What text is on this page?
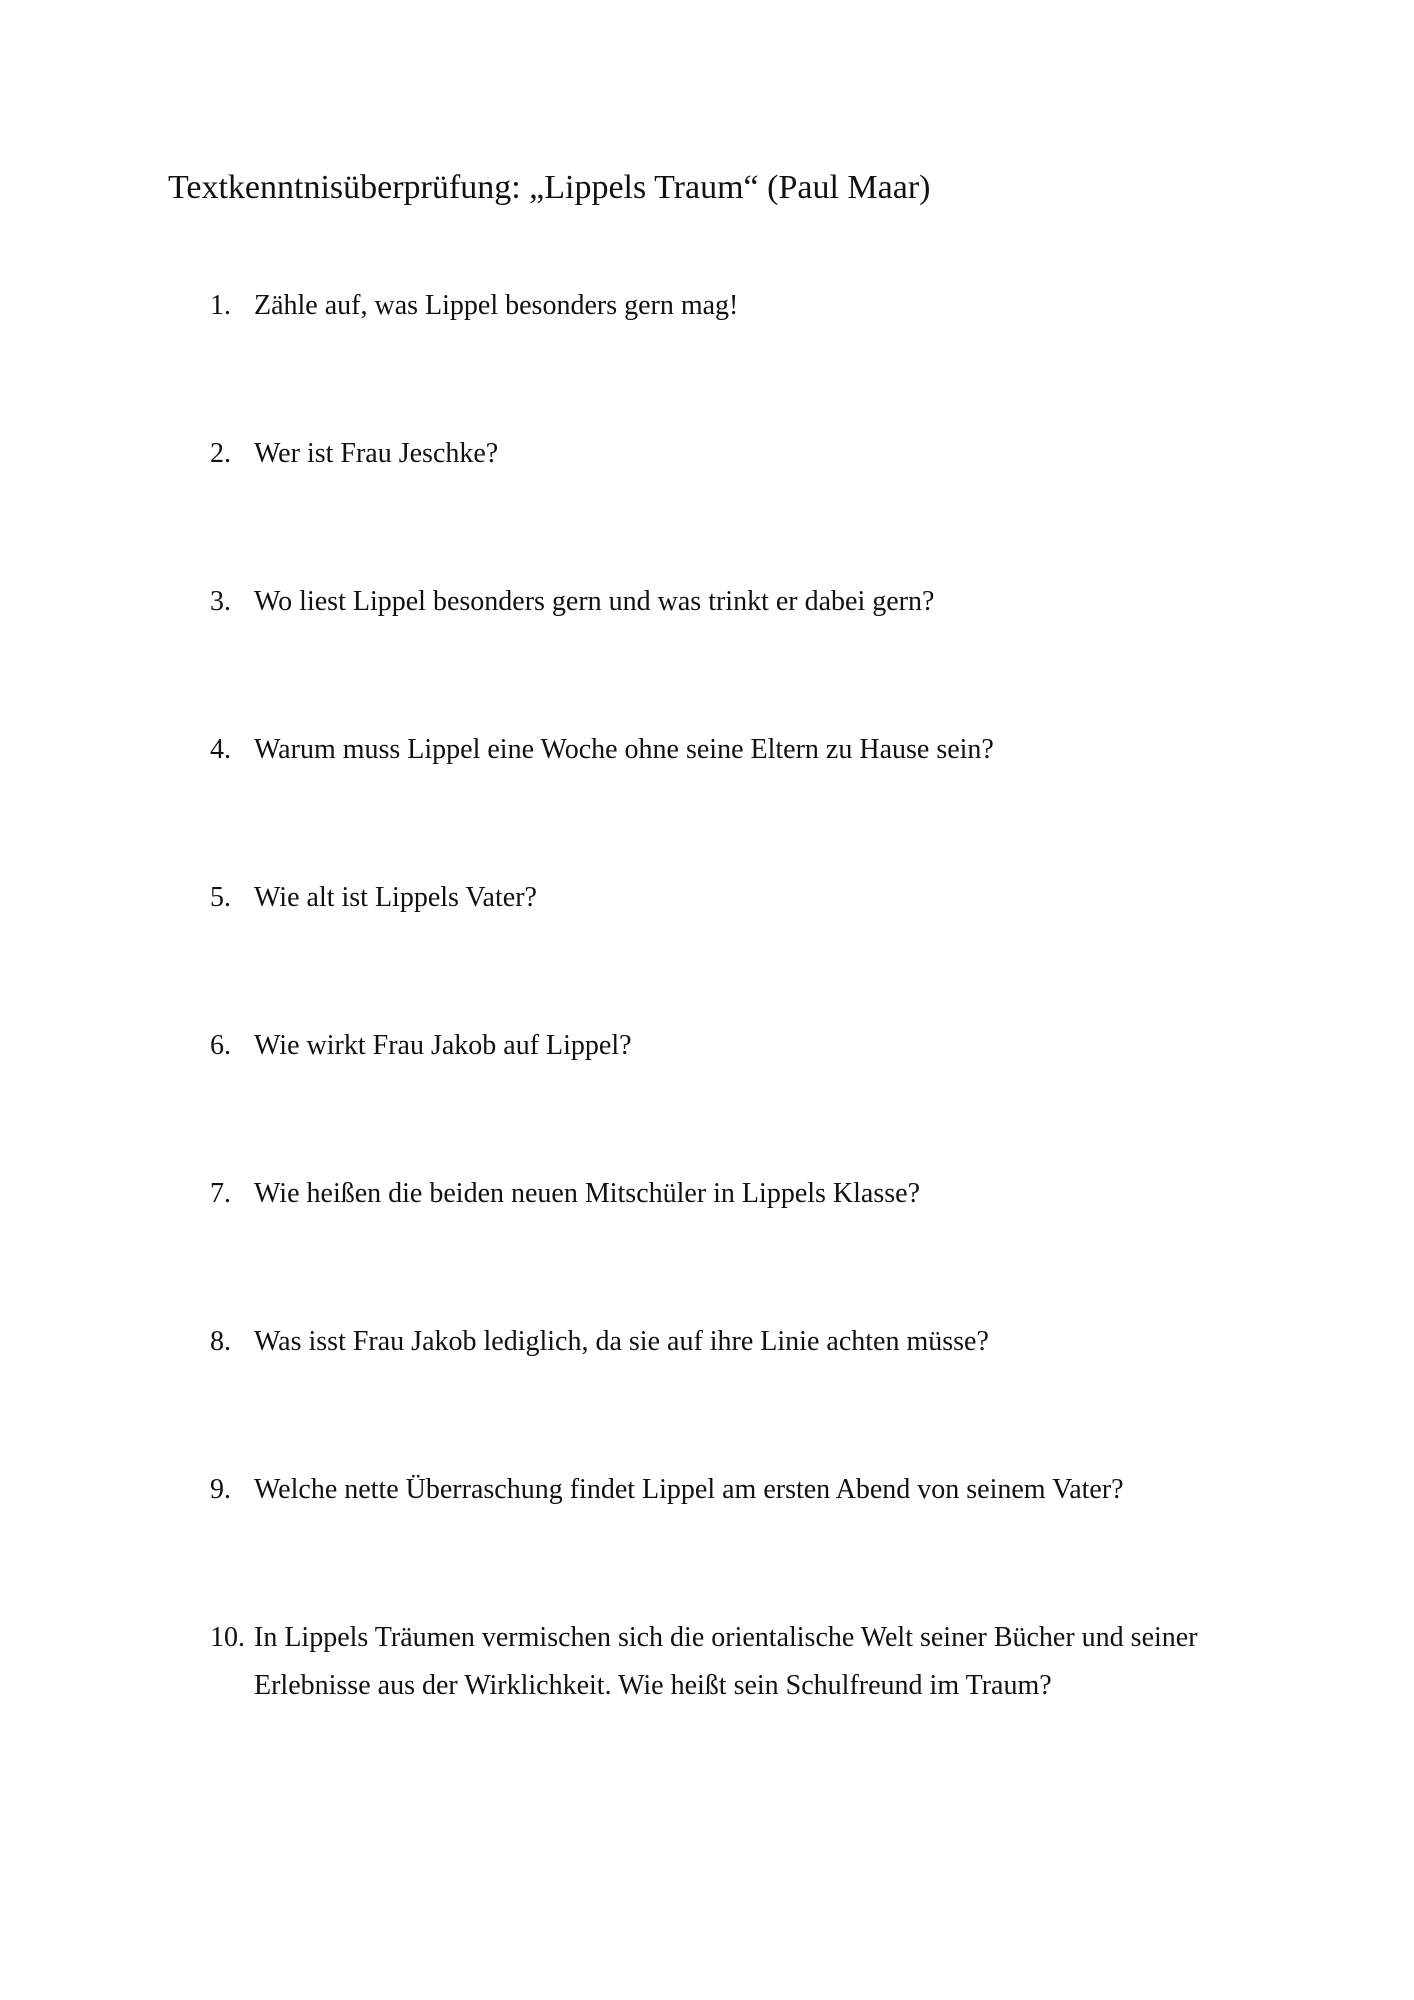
Textkenntnisüberprüfung: „Lippels Traum“ (Paul Maar)
1. Zähle auf, was Lippel besonders gern mag!
2. Wer ist Frau Jeschke?
3. Wo liest Lippel besonders gern und was trinkt er dabei gern?
4. Warum muss Lippel eine Woche ohne seine Eltern zu Hause sein?
5. Wie alt ist Lippels Vater?
6. Wie wirkt Frau Jakob auf Lippel?
7. Wie heißen die beiden neuen Mitschüler in Lippels Klasse?
8. Was isst Frau Jakob lediglich, da sie auf ihre Linie achten müsse?
9. Welche nette Überraschung findet Lippel am ersten Abend von seinem Vater?
10. In Lippels Träumen vermischen sich die orientalische Welt seiner Bücher und seiner Erlebnisse aus der Wirklichkeit. Wie heißt sein Schulfreund im Traum?
